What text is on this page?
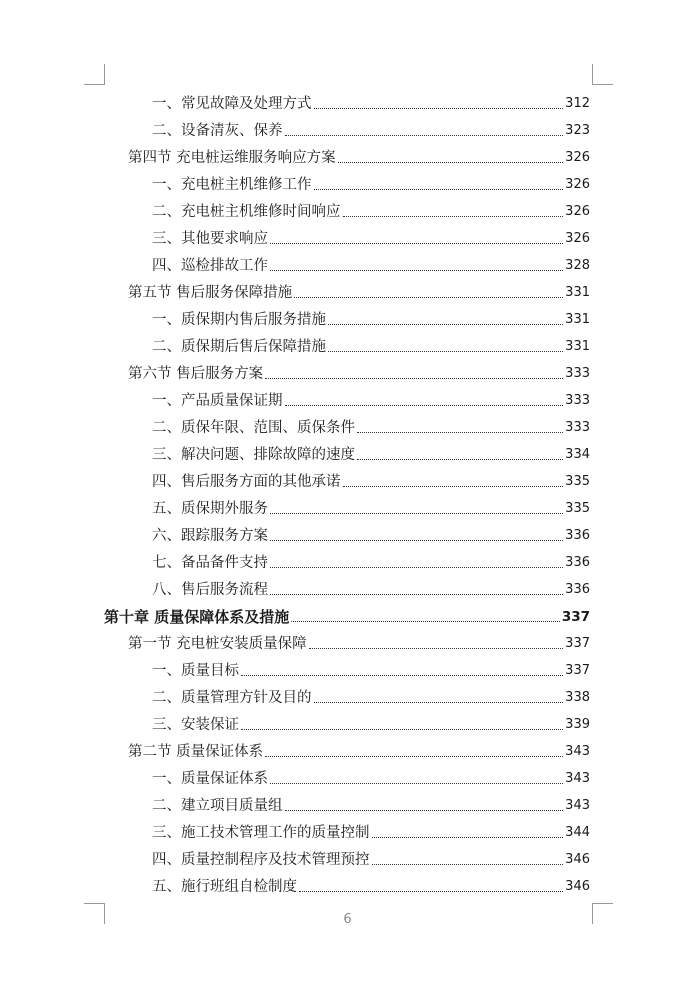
一、常见故障及处理方式	312
二、设备清灰、保养	323
第四节 充电桩运维服务响应方案	326
一、充电桩主机维修工作	326
二、充电桩主机维修时间响应	326
三、其他要求响应	326
四、巡检排故工作	328
第五节 售后服务保障措施	331
一、质保期内售后服务措施	331
二、质保期后售后保障措施	331
第六节 售后服务方案	333
一、产品质量保证期	333
二、质保年限、范围、质保条件	333
三、解决问题、排除故障的速度	334
四、售后服务方面的其他承诺	335
五、质保期外服务	335
六、跟踪服务方案	336
七、备品备件支持	336
八、售后服务流程	336
第十章 质量保障体系及措施	337
第一节 充电桩安装质量保障	337
一、质量目标	337
二、质量管理方针及目的	338
三、安装保证	339
第二节 质量保证体系	343
一、质量保证体系	343
二、建立项目质量组	343
三、施工技术管理工作的质量控制	344
四、质量控制程序及技术管理预控	346
五、施行班组自检制度	346
6
